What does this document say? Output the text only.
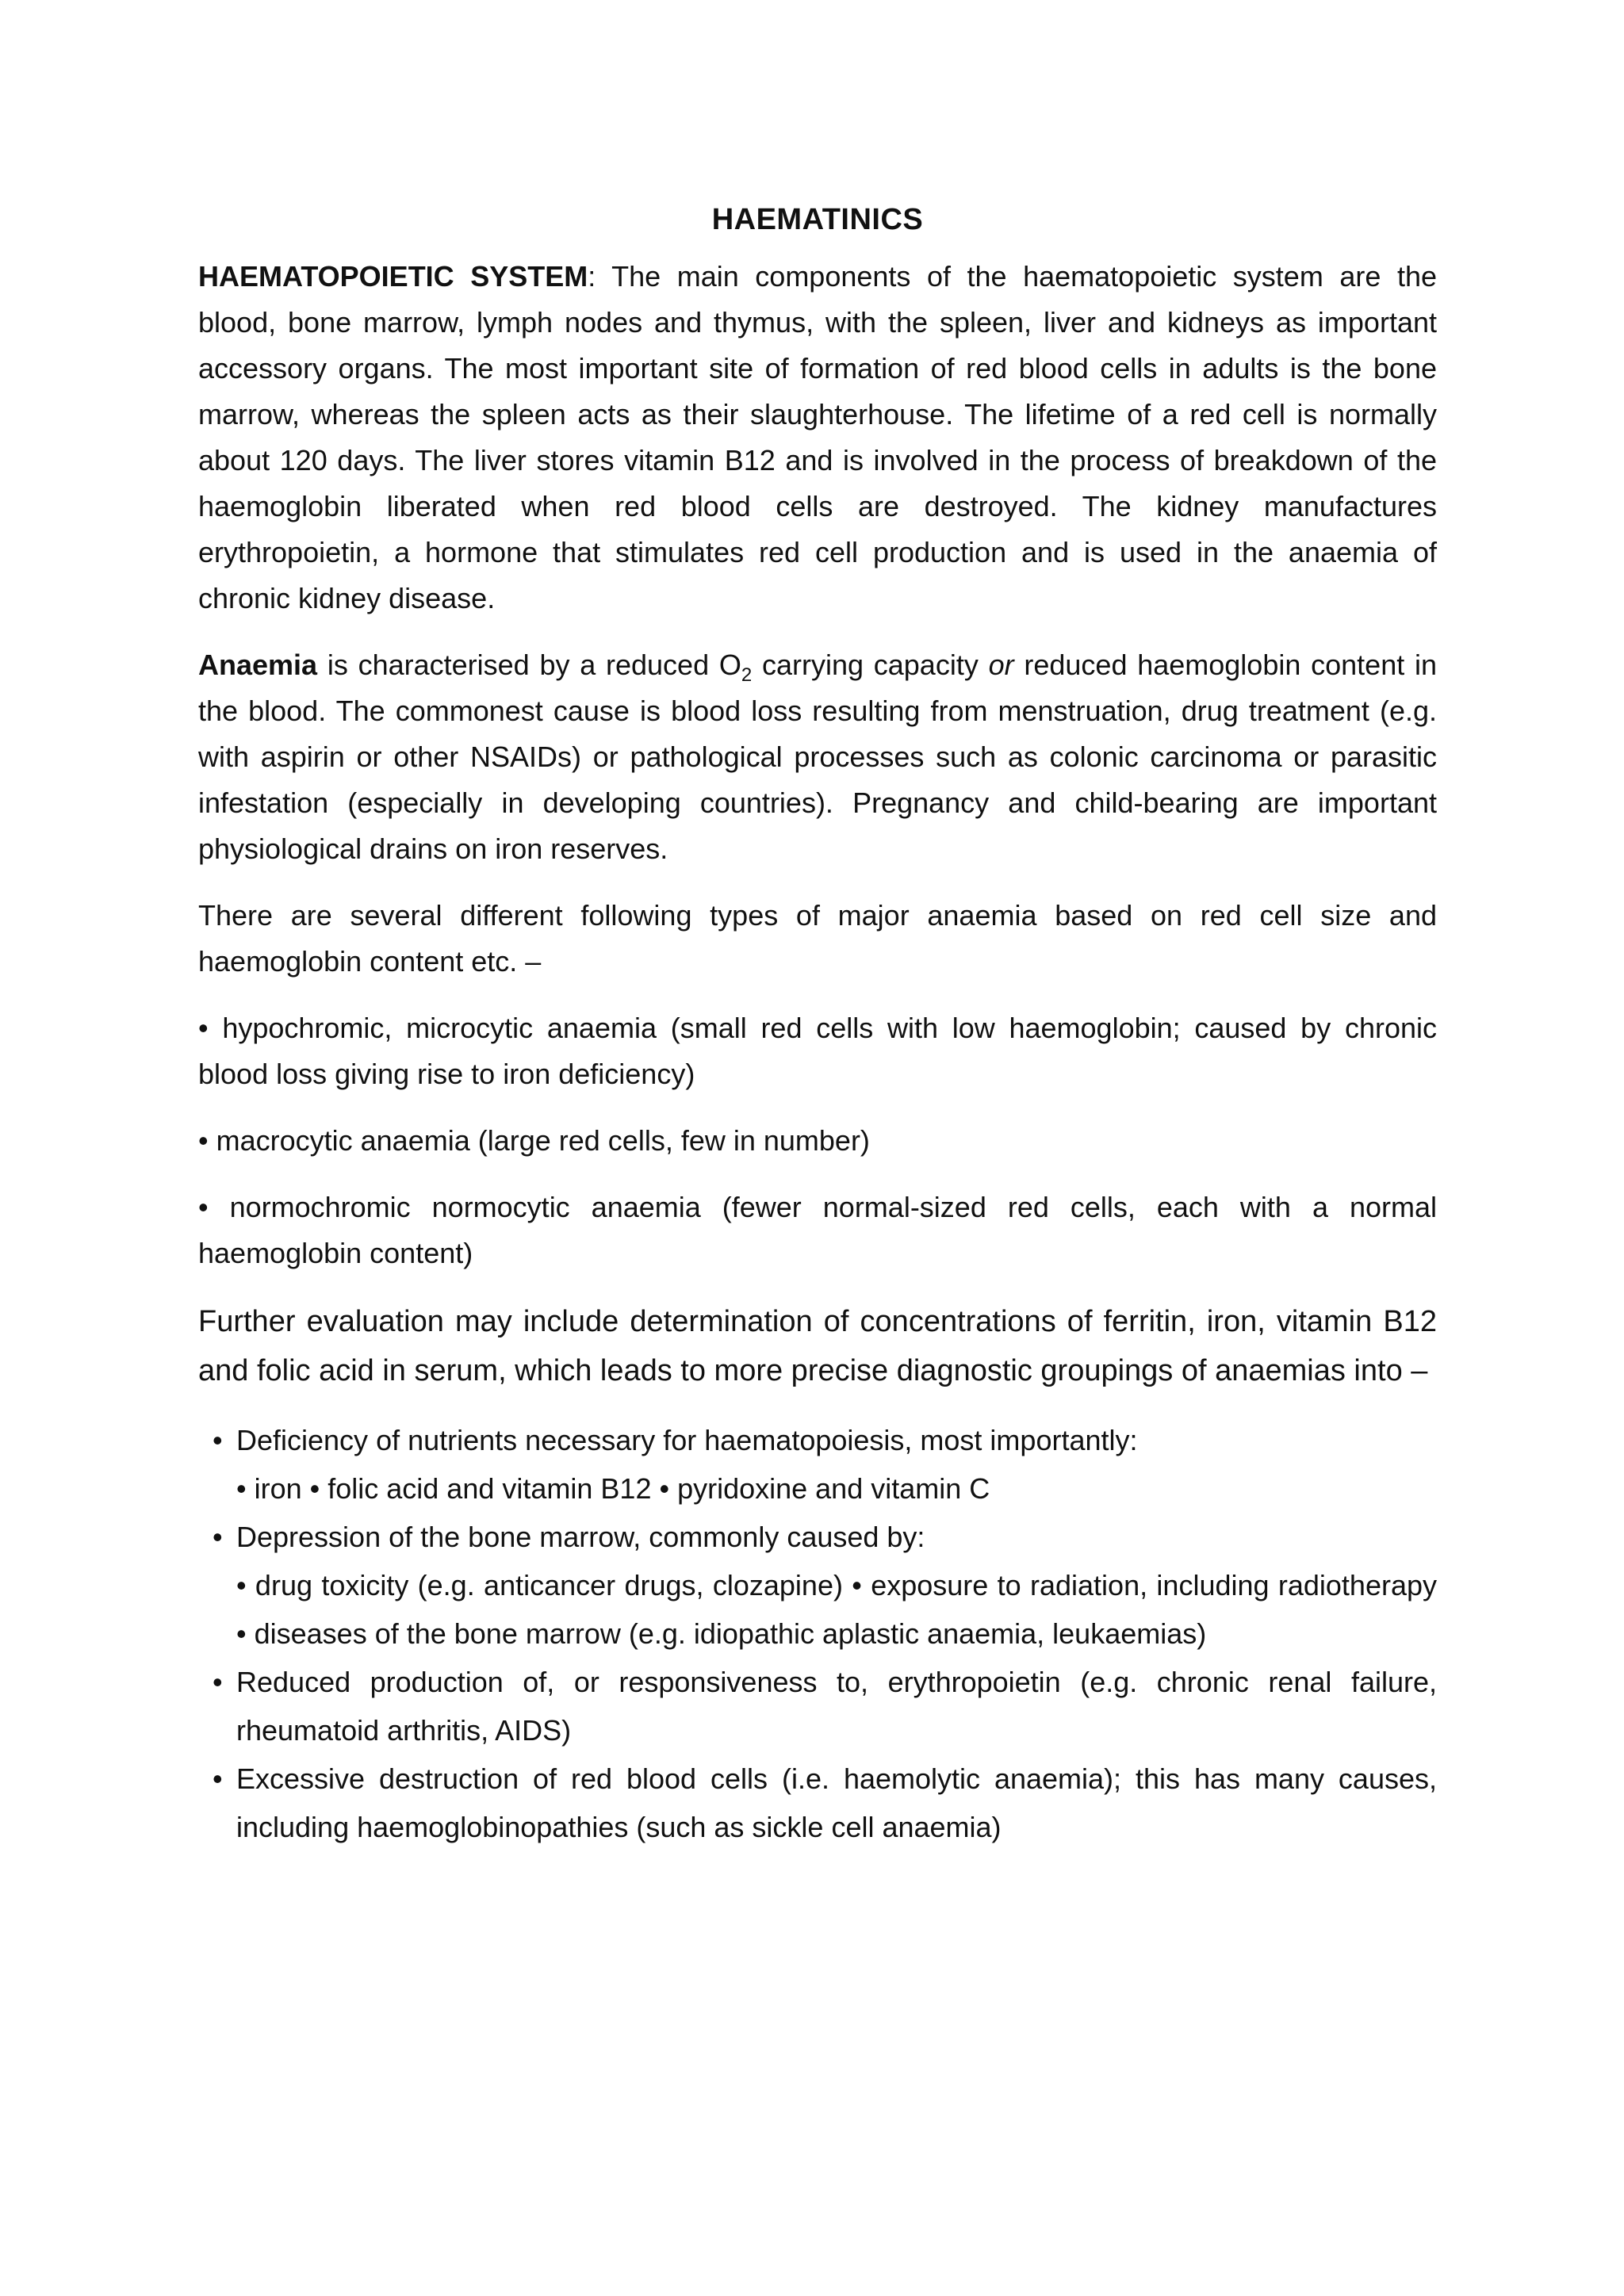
HAEMATINICS

HAEMATOPOIETIC SYSTEM: The main components of the haematopoietic system are the blood, bone marrow, lymph nodes and thymus, with the spleen, liver and kidneys as important accessory organs. The most important site of formation of red blood cells in adults is the bone marrow, whereas the spleen acts as their slaughterhouse. The lifetime of a red cell is normally about 120 days. The liver stores vitamin B12 and is involved in the process of breakdown of the haemoglobin liberated when red blood cells are destroyed. The kidney manufactures erythropoietin, a hormone that stimulates red cell production and is used in the anaemia of chronic kidney disease.

Anaemia is characterised by a reduced $O_2$ carrying capacity or reduced haemoglobin content in the blood. The commonest cause is blood loss resulting from menstruation, drug treatment (e.g. with aspirin or other NSAIDs) or pathological processes such as colonic carcinoma or parasitic infestation (especially in developing countries). Pregnancy and child-bearing are important physiological drains on iron reserves.

There are several different following types of major anaemia based on red cell size and haemoglobin content etc. –

• hypochromic, microcytic anaemia (small red cells with low haemoglobin; caused by chronic blood loss giving rise to iron deficiency)

• macrocytic anaemia (large red cells, few in number)

• normochromic normocytic anaemia (fewer normal-sized red cells, each with a normal haemoglobin content)

Further evaluation may include determination of concentrations of ferritin, iron, vitamin B12 and folic acid in serum, which leads to more precise diagnostic groupings of anaemias into –

• Deficiency of nutrients necessary for haematopoiesis, most importantly:
• iron • folic acid and vitamin B12 • pyridoxine and vitamin C
• Depression of the bone marrow, commonly caused by:
• drug toxicity (e.g. anticancer drugs, clozapine) • exposure to radiation, including radiotherapy • diseases of the bone marrow (e.g. idiopathic aplastic anaemia, leukaemias)
• Reduced production of, or responsiveness to, erythropoietin (e.g. chronic renal failure, rheumatoid arthritis, AIDS)
• Excessive destruction of red blood cells (i.e. haemolytic anaemia); this has many causes, including haemoglobinopathies (such as sickle cell anaemia)
